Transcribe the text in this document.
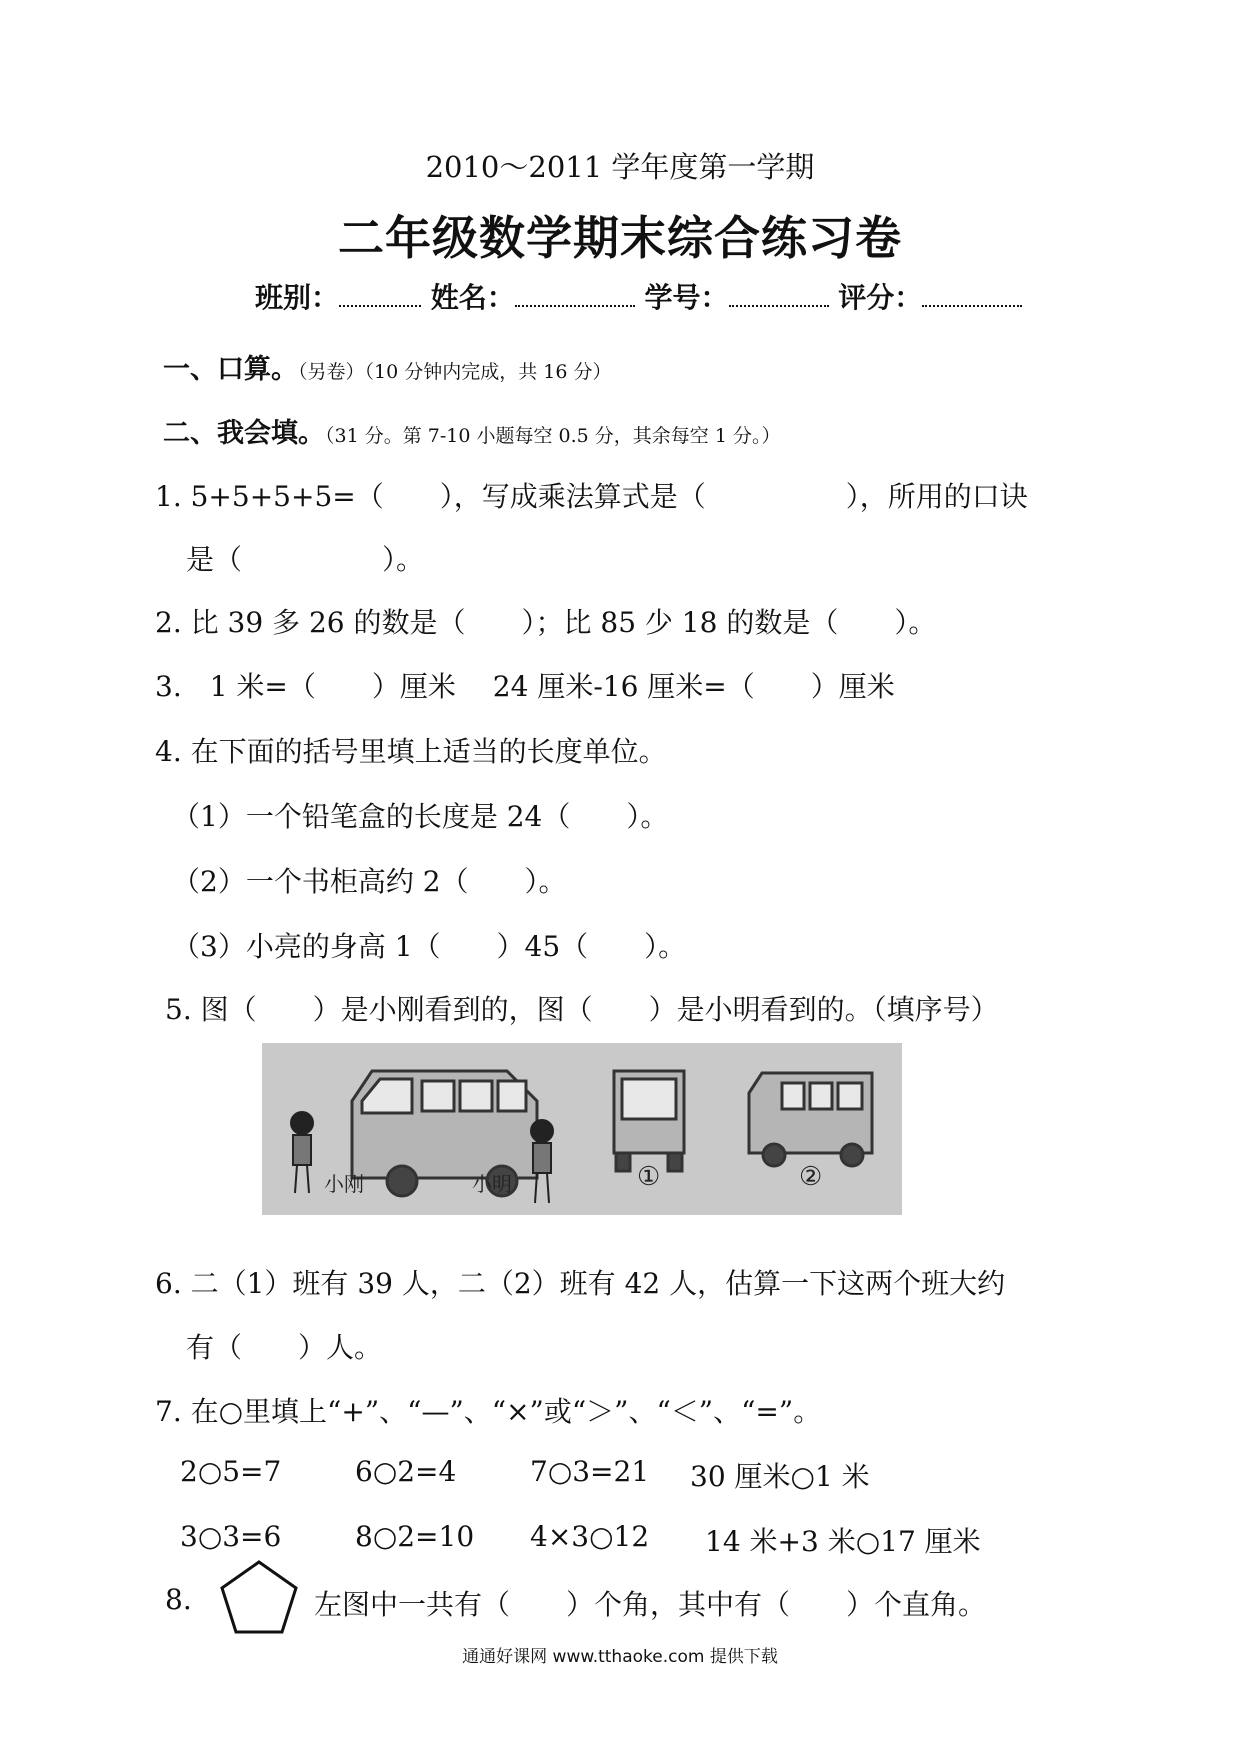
2010～2011 学年度第一学期
二年级数学期末综合练习卷
班别：	姓名：	学号：	评分：
一、口算。（另卷）（10 分钟内完成，共 16 分）
二、我会填。（31 分。第 7-10 小题每空 0.5 分，其余每空 1 分。）
1. 5+5+5+5=（　　），写成乘法算式是（　　　　　），所用的口诀
是（　　　　　）。
2. 比 39 多 26 的数是（　　）；比 85 少 18 的数是（　　）。
3.　1 米=（　　）厘米　 24 厘米-16 厘米=（　　）厘米
4. 在下面的括号里填上适当的长度单位。
（1）一个铅笔盒的长度是 24（　　）。
（2）一个书柜高约 2（　　）。
（3）小亮的身高 1（　　）45（　　）。
5. 图（　　）是小刚看到的，图（　　）是小明看到的。（填序号）
小刚	小明	①	②
6. 二（1）班有 39 人，二（2）班有 42 人，估算一下这两个班大约
有（　　）人。
7. 在○里填上“+”、“—”、“×”或“＞”、“＜”、“=”。
2○5=7	6○2=4	7○3=21 30 厘米○1 米
3○3=6	8○2=10 4×3○12 14 米+3 米○17 厘米
8.	左图中一共有（　　）个角，其中有（　　）个直角。
通通好课网 www.tthaoke.com 提供下载
